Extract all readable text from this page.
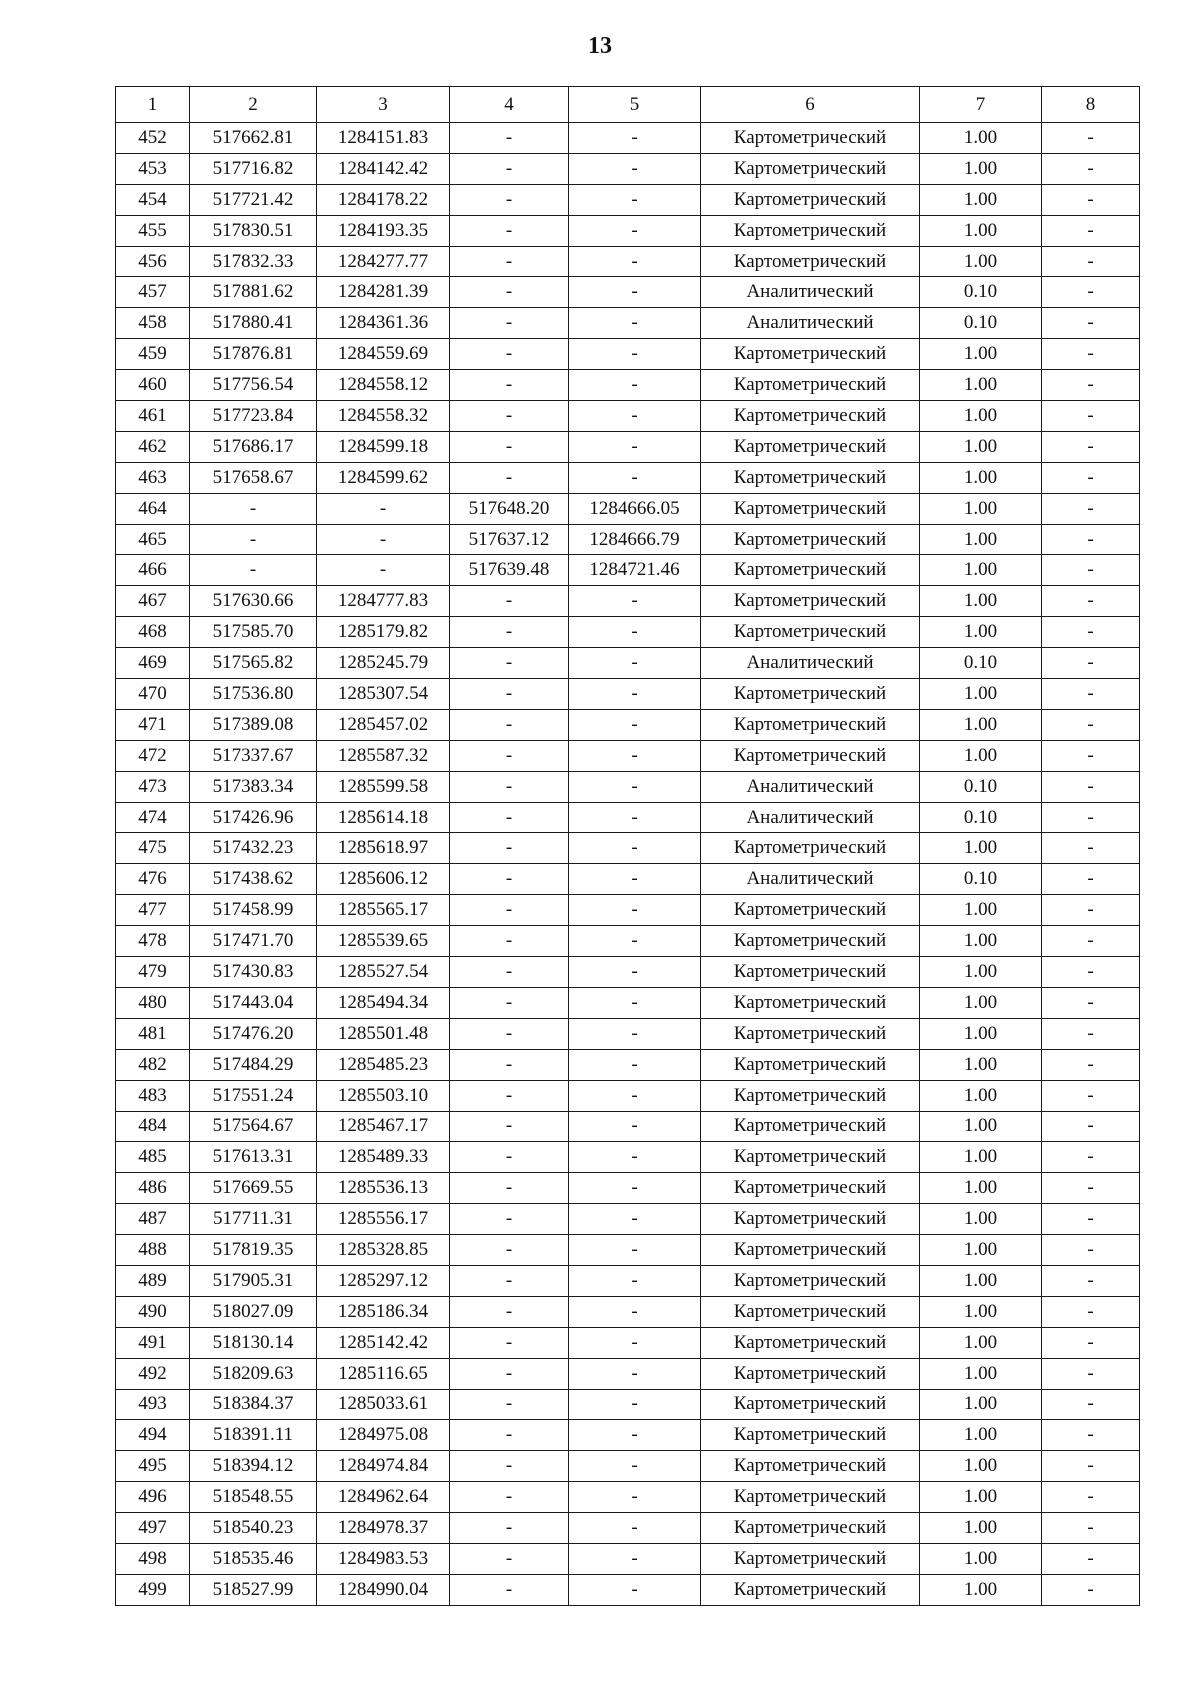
13
1	2	3	4	5	6	7	8
452	517662.81	1284151.83	-	-	Картометрический	1.00	-
453	517716.82	1284142.42	-	-	Картометрический	1.00	-
454	517721.42	1284178.22	-	-	Картометрический	1.00	-
455	517830.51	1284193.35	-	-	Картометрический	1.00	-
456	517832.33	1284277.77	-	-	Картометрический	1.00	-
457	517881.62	1284281.39	-	-	Аналитический	0.10	-
458	517880.41	1284361.36	-	-	Аналитический	0.10	-
459	517876.81	1284559.69	-	-	Картометрический	1.00	-
460	517756.54	1284558.12	-	-	Картометрический	1.00	-
461	517723.84	1284558.32	-	-	Картометрический	1.00	-
462	517686.17	1284599.18	-	-	Картометрический	1.00	-
463	517658.67	1284599.62	-	-	Картометрический	1.00	-
464	-	-	517648.20	1284666.05	Картометрический	1.00	-
465	-	-	517637.12	1284666.79	Картометрический	1.00	-
466	-	-	517639.48	1284721.46	Картометрический	1.00	-
467	517630.66	1284777.83	-	-	Картометрический	1.00	-
468	517585.70	1285179.82	-	-	Картометрический	1.00	-
469	517565.82	1285245.79	-	-	Аналитический	0.10	-
470	517536.80	1285307.54	-	-	Картометрический	1.00	-
471	517389.08	1285457.02	-	-	Картометрический	1.00	-
472	517337.67	1285587.32	-	-	Картометрический	1.00	-
473	517383.34	1285599.58	-	-	Аналитический	0.10	-
474	517426.96	1285614.18	-	-	Аналитический	0.10	-
475	517432.23	1285618.97	-	-	Картометрический	1.00	-
476	517438.62	1285606.12	-	-	Аналитический	0.10	-
477	517458.99	1285565.17	-	-	Картометрический	1.00	-
478	517471.70	1285539.65	-	-	Картометрический	1.00	-
479	517430.83	1285527.54	-	-	Картометрический	1.00	-
480	517443.04	1285494.34	-	-	Картометрический	1.00	-
481	517476.20	1285501.48	-	-	Картометрический	1.00	-
482	517484.29	1285485.23	-	-	Картометрический	1.00	-
483	517551.24	1285503.10	-	-	Картометрический	1.00	-
484	517564.67	1285467.17	-	-	Картометрический	1.00	-
485	517613.31	1285489.33	-	-	Картометрический	1.00	-
486	517669.55	1285536.13	-	-	Картометрический	1.00	-
487	517711.31	1285556.17	-	-	Картометрический	1.00	-
488	517819.35	1285328.85	-	-	Картометрический	1.00	-
489	517905.31	1285297.12	-	-	Картометрический	1.00	-
490	518027.09	1285186.34	-	-	Картометрический	1.00	-
491	518130.14	1285142.42	-	-	Картометрический	1.00	-
492	518209.63	1285116.65	-	-	Картометрический	1.00	-
493	518384.37	1285033.61	-	-	Картометрический	1.00	-
494	518391.11	1284975.08	-	-	Картометрический	1.00	-
495	518394.12	1284974.84	-	-	Картометрический	1.00	-
496	518548.55	1284962.64	-	-	Картометрический	1.00	-
497	518540.23	1284978.37	-	-	Картометрический	1.00	-
498	518535.46	1284983.53	-	-	Картометрический	1.00	-
499	518527.99	1284990.04	-	-	Картометрический	1.00	-
